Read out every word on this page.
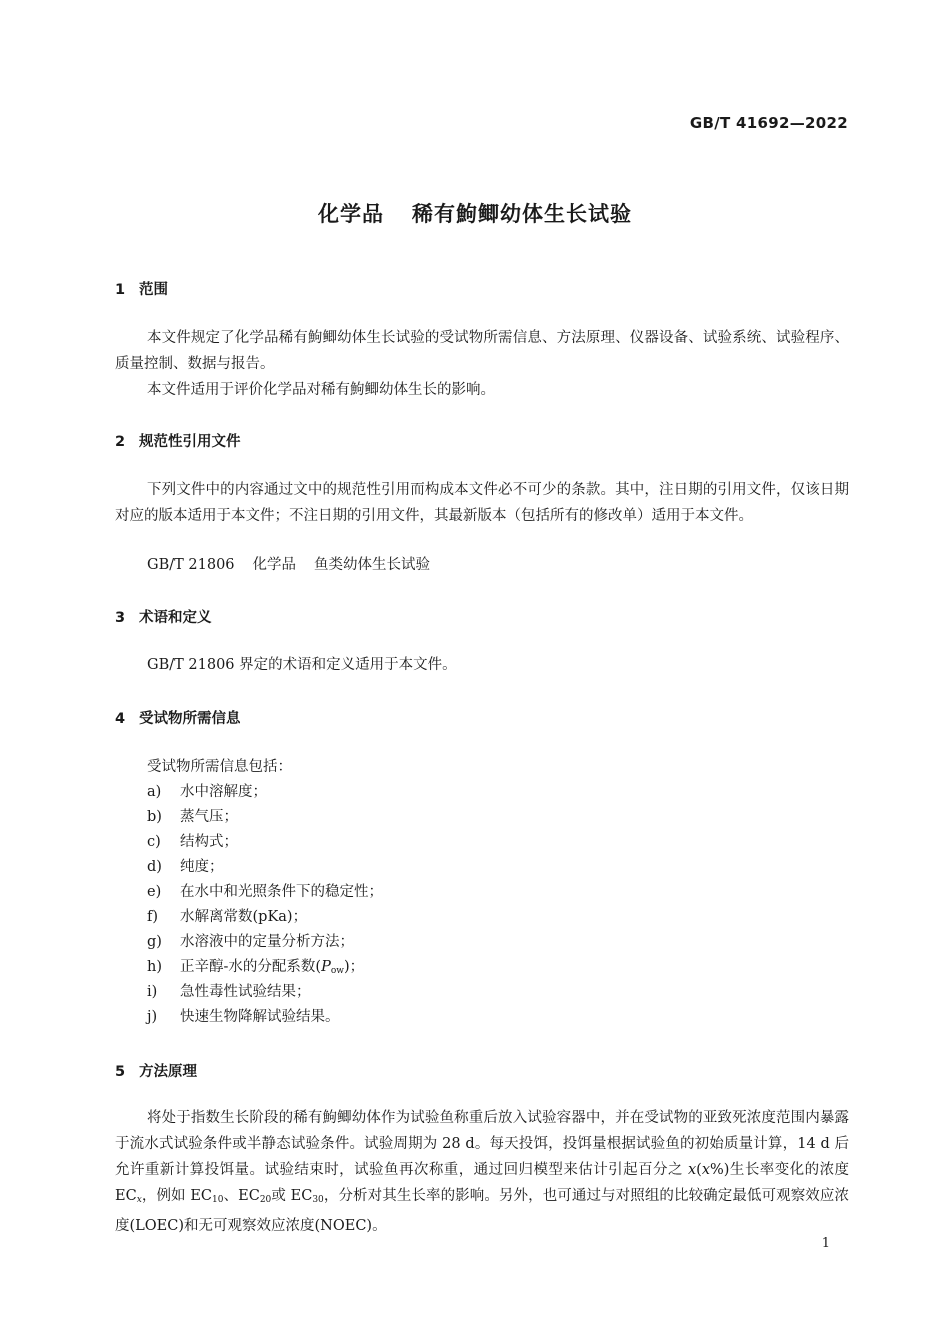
GB/T 41692—2022
化学品 稀有鮈鲫幼体生长试验
1 范围

本文件规定了化学品稀有鮈鲫幼体生长试验的受试物所需信息、方法原理、仪器设备、试验系统、试验程序、质量控制、数据与报告。

本文件适用于评价化学品对稀有鮈鲫幼体生长的影响。

2 规范性引用文件

下列文件中的内容通过文中的规范性引用而构成本文件必不可少的条款。其中，注日期的引用文件，仅该日期对应的版本适用于本文件；不注日期的引用文件，其最新版本（包括所有的修改单）适用于本文件。

GB/T 21806 化学品 鱼类幼体生长试验
3 术语和定义
GB/T 21806 界定的术语和定义适用于本文件。
4 受试物所需信息
受试物所需信息包括：
a) 水中溶解度；
b) 蒸气压；
c) 结构式；
d) 纯度；
e) 在水中和光照条件下的稳定性；
f) 水解离常数(pKa)；
g) 水溶液中的定量分析方法；
h) 正辛醇-水的分配系数$(P_{ow})$；
i) 急性毒性试验结果；
j) 快速生物降解试验结果。
5 方法原理

将处于指数生长阶段的稀有鮈鲫幼体作为试验鱼称重后放入试验容器中，并在受试物的亚致死浓度范围内暴露于流水式试验条件或半静态试验条件。试验周期为 28 d。每天投饵，投饵量根据试验鱼的初始质量计算，14 d 后允许重新计算投饵量。试验结束时，试验鱼再次称重，通过回归模型来估计引起百分之 x(x%)生长率变化的浓度 $EC_x$，例如 $EC_{10}$、$EC_{20}$或 $EC_{30}$，分析对其生长率的影响。另外，也可通过与对照组的比较确定最低可观察效应浓度(LOEC)和无可观察效应浓度(NOEC)。

1
